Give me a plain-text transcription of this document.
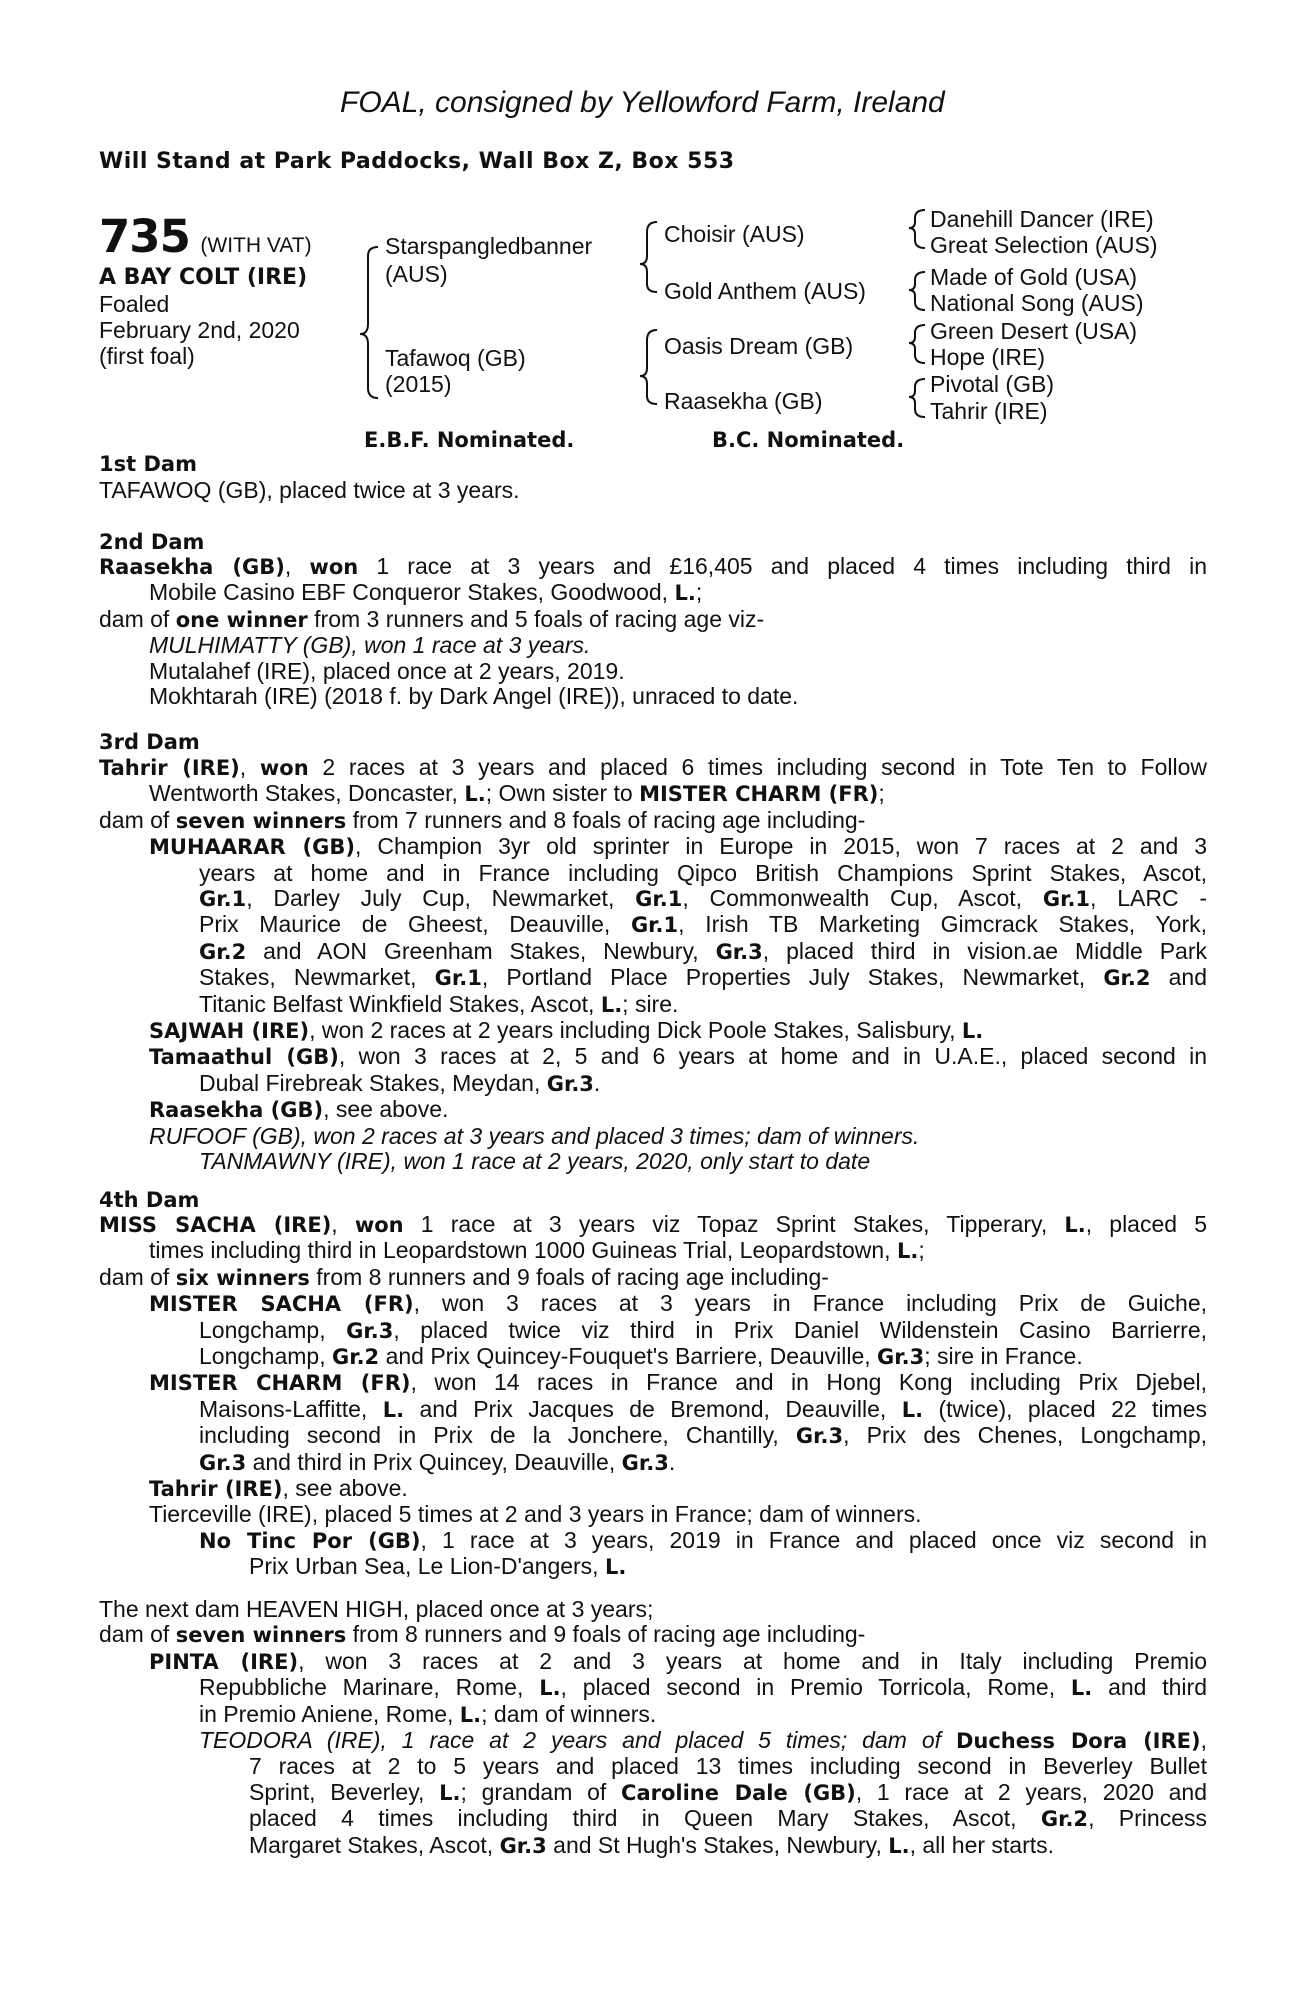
FOAL, consigned by Yellowford Farm, Ireland
Will Stand at Park Paddocks, Wall Box Z, Box 553
735 (WITH VAT)
A BAY COLT (IRE)
Foaled
February 2nd, 2020
(first foal)
Starspangledbanner
(AUS)
Tafawoq (GB)
(2015)
Choisir (AUS)
Gold Anthem (AUS)
Oasis Dream (GB)
Raasekha (GB)
Danehill Dancer (IRE)
Great Selection (AUS)
Made of Gold (USA)
National Song (AUS)
Green Desert (USA)
Hope (IRE)
Pivotal (GB)
Tahrir (IRE)
E.B.F. Nominated.	B.C. Nominated.
1st Dam
TAFAWOQ (GB), placed twice at 3 years.
2nd Dam
Raasekha (GB), won 1 race at 3 years and £16,405 and placed 4 times including third in
Mobile Casino EBF Conqueror Stakes, Goodwood, L.;
dam of one winner from 3 runners and 5 foals of racing age viz-
MULHIMATTY (GB), won 1 race at 3 years.
Mutalahef (IRE), placed once at 2 years, 2019.
Mokhtarah (IRE) (2018 f. by Dark Angel (IRE)), unraced to date.
3rd Dam
Tahrir (IRE), won 2 races at 3 years and placed 6 times including second in Tote Ten to Follow
Wentworth Stakes, Doncaster, L.; Own sister to MISTER CHARM (FR);
dam of seven winners from 7 runners and 8 foals of racing age including-
MUHAARAR (GB), Champion 3yr old sprinter in Europe in 2015, won 7 races at 2 and 3
years at home and in France including Qipco British Champions Sprint Stakes, Ascot,
Gr.1, Darley July Cup, Newmarket, Gr.1, Commonwealth Cup, Ascot, Gr.1, LARC -
Prix Maurice de Gheest, Deauville, Gr.1, Irish TB Marketing Gimcrack Stakes, York,
Gr.2 and AON Greenham Stakes, Newbury, Gr.3, placed third in vision.ae Middle Park
Stakes, Newmarket, Gr.1, Portland Place Properties July Stakes, Newmarket, Gr.2 and
Titanic Belfast Winkfield Stakes, Ascot, L.; sire.
SAJWAH (IRE), won 2 races at 2 years including Dick Poole Stakes, Salisbury, L.
Tamaathul (GB), won 3 races at 2, 5 and 6 years at home and in U.A.E., placed second in
Dubal Firebreak Stakes, Meydan, Gr.3.
Raasekha (GB), see above.
RUFOOF (GB), won 2 races at 3 years and placed 3 times; dam of winners.
TANMAWNY (IRE), won 1 race at 2 years, 2020, only start to date
4th Dam
MISS SACHA (IRE), won 1 race at 3 years viz Topaz Sprint Stakes, Tipperary, L., placed 5
times including third in Leopardstown 1000 Guineas Trial, Leopardstown, L.;
dam of six winners from 8 runners and 9 foals of racing age including-
MISTER SACHA (FR), won 3 races at 3 years in France including Prix de Guiche,
Longchamp, Gr.3, placed twice viz third in Prix Daniel Wildenstein Casino Barrierre,
Longchamp, Gr.2 and Prix Quincey-Fouquet's Barriere, Deauville, Gr.3; sire in France.
MISTER CHARM (FR), won 14 races in France and in Hong Kong including Prix Djebel,
Maisons-Laffitte, L. and Prix Jacques de Bremond, Deauville, L. (twice), placed 22 times
including second in Prix de la Jonchere, Chantilly, Gr.3, Prix des Chenes, Longchamp,
Gr.3 and third in Prix Quincey, Deauville, Gr.3.
Tahrir (IRE), see above.
Tierceville (IRE), placed 5 times at 2 and 3 years in France; dam of winners.
No Tinc Por (GB), 1 race at 3 years, 2019 in France and placed once viz second in
Prix Urban Sea, Le Lion-D'angers, L.
The next dam HEAVEN HIGH, placed once at 3 years;
dam of seven winners from 8 runners and 9 foals of racing age including-
PINTA (IRE), won 3 races at 2 and 3 years at home and in Italy including Premio
Repubbliche Marinare, Rome, L., placed second in Premio Torricola, Rome, L. and third
in Premio Aniene, Rome, L.; dam of winners.
TEODORA (IRE), 1 race at 2 years and placed 5 times; dam of Duchess Dora (IRE),
7 races at 2 to 5 years and placed 13 times including second in Beverley Bullet
Sprint, Beverley, L.; grandam of Caroline Dale (GB), 1 race at 2 years, 2020 and
placed 4 times including third in Queen Mary Stakes, Ascot, Gr.2, Princess
Margaret Stakes, Ascot, Gr.3 and St Hugh's Stakes, Newbury, L., all her starts.
